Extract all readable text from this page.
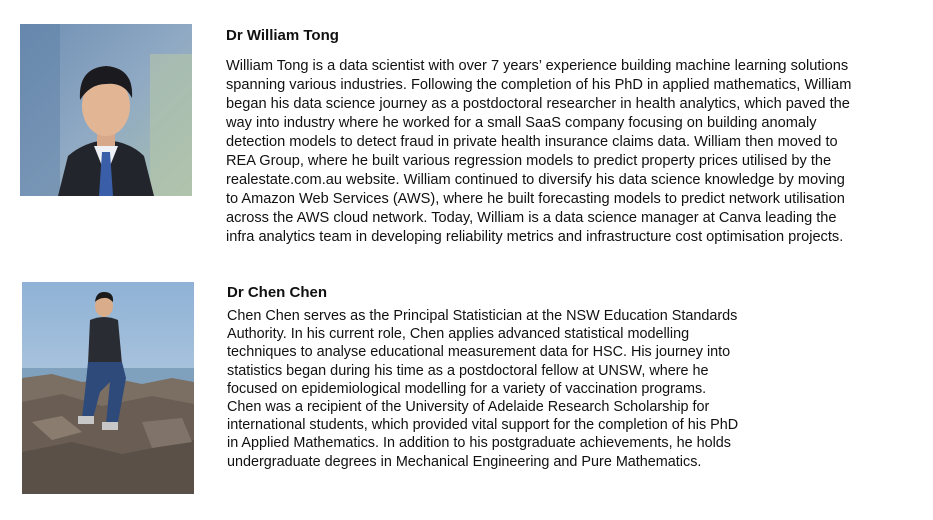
Dr William Tong

William Tong is a data scientist with over 7 years’ experience building machine learning solutions

spanning various industries. Following the completion of his PhD in applied mathematics, William

began his data science journey as a postdoctoral researcher in health analytics, which paved the

way into industry where he worked for a small SaaS company focusing on building anomaly

detection models to detect fraud in private health insurance claims data. William then moved to

REA Group, where he built various regression models to predict property prices utilised by the

realestate.com.au website. William continued to diversify his data science knowledge by moving

to Amazon Web Services (AWS), where he built forecasting models to predict network utilisation

across the AWS cloud network. Today, William is a data science manager at Canva leading the

infra analytics team in developing reliability metrics and infrastructure cost optimisation projects.

Dr Chen Chen

Chen Chen serves as the Principal Statistician at the NSW Education Standards

Authority. In his current role, Chen applies advanced statistical modelling

techniques to analyse educational measurement data for HSC. His journey into

statistics began during his time as a postdoctoral fellow at UNSW, where he

focused on epidemiological modelling for a variety of vaccination programs.

Chen was a recipient of the University of Adelaide Research Scholarship for

international students, which provided vital support for the completion of his PhD

in Applied Mathematics. In addition to his postgraduate achievements, he holds

undergraduate degrees in Mechanical Engineering and Pure Mathematics.
